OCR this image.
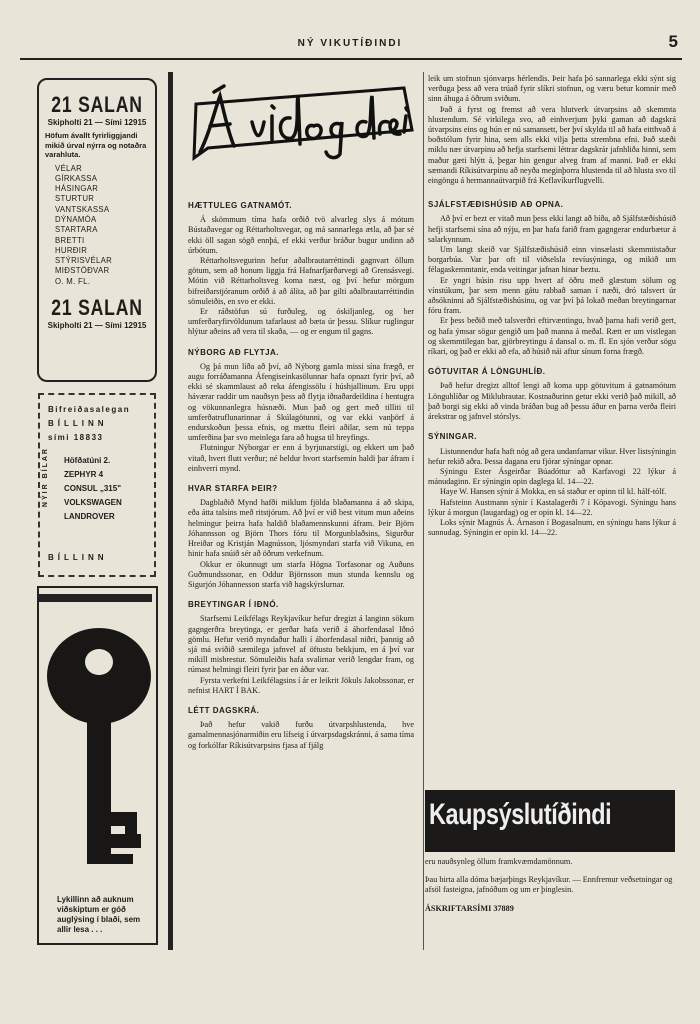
NÝ VIKUTÍÐINDI	5
21 SALAN
Skipholti 21 — Sími 12915
Höfum ávallt fyrirliggjandi mikið úrval nýrra og notaðra varahluta.
VÉLAR
GÍRKASSA
HÁSINGAR
STURTUR
VANTSKASSA
DÝNAMÓA
STARTARA
BRETTI
HURÐIR
STÝRISVÉLAR
MIÐSTÖÐVAR
O. M. FL.
21 SALAN
Skipholti 21 — Sími 12915
Bifreiðasalegan
BÍLLINN
sími 18833
NÝIR BÍLAR	Höfðatúni 2.
ZEPHYR 4
CONSUL „315"
VOLKSWAGEN
LANDROVER
BÍLLINN
Lykillinn að auknum viðskiptum er góð auglýsing í blaði, sem allir lesa . . .
HÆTTULEG GATNAMÓT.

Á skömmum tíma hafa orðið tvö alvarleg slys á mótum Bústaðavegar og Réttarholtsvegar, og má sannarlega ætla, að þar sé ekki öll sagan sögð ennþá, ef ekki verður bráður bugur undinn að úrbótum.

Réttarholtsvegurinn hefur aðalbrautarréttindi gagnvart öllum götum, sem að honum liggja frá Hafnarfjarðarvegi að Grensásvegi. Mótin við Réttarholtsveg koma næst, og því hefur mörgum bifreiðarstjóranum orðið á að álíta, að þar gilti aðalbrautarréttindin sömuleiðis, en svo er ekki.

Er ráðstöfun sú furðuleg, og óskiljanleg, og ber umferðaryfirvöldunum tafarlaust að bæta úr þessu. Slíkur ruglingur hlýtur aðeins að vera til skaða, — og er engum til gagns.

NÝBORG AÐ FLYTJA.

Og þá mun líða að því, að Nýborg gamla missi sína frægð, er augu forráðamanna Áfengiseinkasölunnar hafa opnazt fyrir því, að ekki sé skammlaust að reka áfengissölu í húshjallinum. Eru uppi háværar raddir um nauðsyn þess að flytja iðnaðardeildina í hentugra og vökunnanlegra húsnæði. Mun það og gert með tilliti til umferðatruflunarinnar á Skúlagötunni, og var ekki vanþörf á endurskoðun þessa efnis, og mættu fleiri aðilar, sem nú teppa umferðina þar svo meinlega fara að hugsa til hreyfings.

Flutningur Nýborgar er enn á byrjunarstigi, og ekkert um það vitað, hvert flutt verður; né heldur hvort starfsemin haldi þar áfram í einhverri mynd.

HVAR STARFA ÞEIR?

Dagblaðið Mynd hafði miklum fjölda blaðamanna á að skipa, eða átta talsins með ritstjórum. Að því er við best vitum mun aðeins helmingur þeirra hafa haldið blaðamennskunni áfram. Þeir Björn Jóhannsson og Björn Thors fóru til Morgunblaðsins, Sigurður Hreiðar og Kristján Magnússon, ljósmyndari starfa við Vikuna, en hinir hafa snúið sér að öðrum verkefnum.

Okkur er ókunnugt um starfa Högna Torfasonar og Auðuns Guðmundssonar, en Oddur Björnsson mun stunda kennslu og Sigurjón Jóhannesson starfa við hagskýrslurnar.

BREYTINGAR Í IÐNÓ.

Starfsemi Leikfélags Reykjavíkur hefur dregizt á langinn sökum gagngerðra breytinga, er gerðar hafa verið á áhorfendasal Iðnó gömlu. Hefur verið myndaður halli í áhorfendasal niðri, þannig að sjá má sviðið sæmilega jafnvel af öftustu bekkjum, en á því var mikill misbrestur. Sömuleiðis hafa svalirnar verið lengdar fram, og rúmast helmingi fleiri fyrir þar en áður var.

Fyrsta verkefni Leikfélagsins í ár er leikrit Jökuls Jakobssonar, er nefnist HART Í BAK.

LÉTT DAGSKRÁ.

Það hefur vakið furðu útvarpshlustenda, hve gamalmennasjónarmiðin eru lífseig í útvarpsdagskránni, á sama tíma og forkólfar Ríkisútvarpsins fjasa af fjálg

leik um stofnun sjónvarps hérlendis. Þeir hafa þó sannarlega ekki sýnt sig verðuga þess að vera trúað fyrir slíkri stofnun, og væru betur komnir með sinn áhuga á öðrum sviðum.

Það á fyrst og fremst að vera hlutverk útvarpsins að skemmta hlustendum. Sé virkilega svo, að einhverjum þyki gaman að dagskrá útvarpsins eins og hún er nú samansett, ber því skylda til að hafa eitthvað á boðstólum fyrir hina, sem alls ekki vilja þetta strembna efni. Það stæði miklu nær útvarpinu að hefja starfsemi léttrar dagskrár jafnhliða hinni, sem maður gæti hlýtt á, þegar hin gengur alveg fram af manni. Það er ekki sæmandi Ríkisútvarpinu að neyða meginþorra hlustenda til að hlusta svo til eingöngu á hermannaútvarpið frá Keflavíkurflugvelli.

SJÁLFSTÆÐISHÚSIÐ AÐ OPNA.

Að því er bezt er vitað mun þess ekki langt að bíða, að Sjálfstæðishúsið hefji starfsemi sína að nýju, en þar hafa farið fram gagngerar endurbætur á salarkynnum.

Um langt skeið var Sjálfstæðishúsið einn vinsælasti skemmtistaður borgarbúa. Var þar oft til viðselsla revíusýninga, og mikið um félagaskemmtanir, enda veitingar jafnan hinar beztu.

Er yngri húsin risu upp hvert af öðru með glæstum sölum og vínstúkum, þar sem menn gátu rabbað saman í næði, dró talsvert úr aðsókninni að Sjálfstæðishúsinu, og var því þá lokað meðan breytingarnar fóru fram.

Er þess beðið með talsverðri eftirvæntingu, hvað þarna hafi verið gert, og hafa ýmsar sögur gengið um það manna á meðal. Rætt er um vistlegan og skemmtilegan bar, gjörbreytingu á dansal o. m. fl. En sjón verður sögu ríkari, og það er ekki að efa, að húsið nái aftur sínum forna frægð.

GÖTUVITAR Á LÖNGUHLÍÐ.

Það hefur dregizt alltof lengi að koma upp götuvitum á gatnamótum Lönguhlíðar og Miklubrautar. Kostnaðurinn getur ekki verið það mikill, að það borgi sig ekki að vinda bráðan bug að þessu áður en þarna verða fleiri árekstrar og jafnvel stórslys.

SÝNINGAR.

Listunnendur hafa haft nóg að gera undanfarnar vikur. Hver listsýningin hefur rekið aðra. Þessa dagana eru fjórar sýningar opnar.

Sýningu Ester Ásgeirðar Búadóttur að Karfavogi 22 lýkur á mánudaginn. Er sýningin opin daglega kl. 14—22.

Haye W. Hansen sýnir á Mokka, en sá staður er opinn til kl. hálf-tólf.

Hafsteinn Austmann sýnir í Kastalagerði 7 í Kópavogi. Sýningu hans lýkur á morgun (laugardag) og er opin kl. 14—22.

Loks sýnir Magnús Á. Árnason í Bogasalnum, en sýningu hans lýkur á sunnudag. Sýningin er opin kl. 14—22.

Kaupsýslutíðindi

eru nauðsynleg öllum framkvæmdamönnum.

Þau birta alla dóma bæjarþings Reykjavíkur. — Ennfremur veðsetningar og afsöl fasteigna, jafnóðum og um er þinglesin.

ÁSKRIFTARSÍMI 37889
